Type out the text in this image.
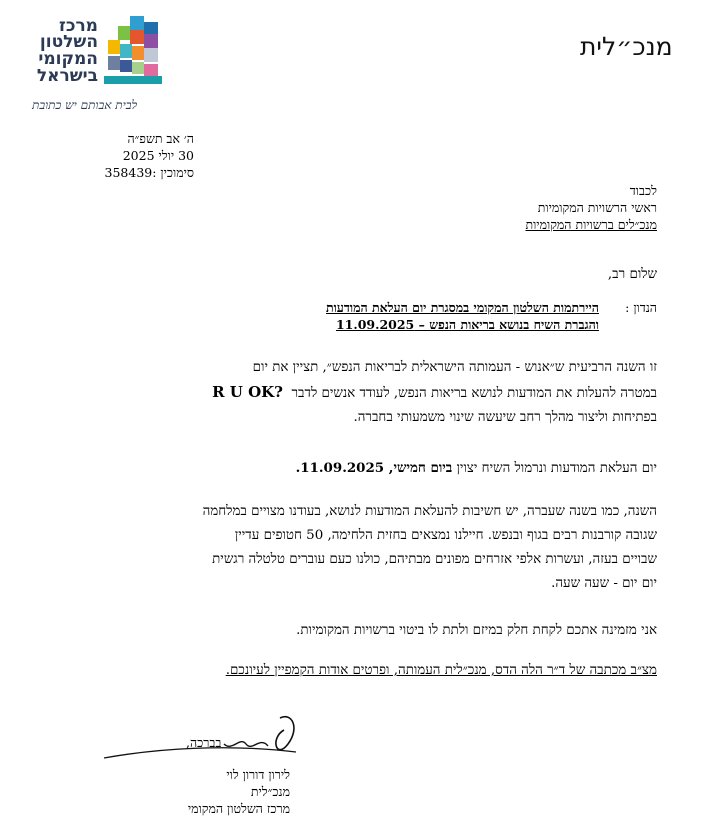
מרכז
השלטון
המקומי
בישראל
Federation Of Local Authorities In Israel
לבית אבותם יש כתובת
מנכ״לית
ה׳ אב תשפ״ה
30 יולי 2025
סימוכין :358439
לכבוד
ראשי הרשויות המקומיות
מנכ״לים ברשויות המקומיות
שלום רב,
הנדון :
היירתמות השלטון המקומי במסגרת יום העלאת המודעות
והגברת השיח בנושא בריאות הנפש – 11.09.2025
זו השנה הרביעית ש״אנוש - העמותה הישראלית לבריאות הנפש״, תציין את יום
במטרה להעלות את המודעות לנושא בריאות הנפש, לעודד אנשים לדבר  R U OK?
בפתיחות וליצור מהלך רחב שיעשה שינוי משמעותי בחברה.
יום העלאת המודעות ונרמול השיח יצוין ביום חמישי, 11.09.2025.
השנה, כמו בשנה שעברה, יש חשיבות להעלאת המודעות לנושא, בעודנו מצויים במלחמה
שגובה קורבנות רבים בגוף ובנפש. חיילנו נמצאים בחזית הלחימה, 50 חטופים עדיין
שבויים בעזה, ועשרות אלפי אזרחים מפונים מבתיהם, כולנו כעם עוברים טלטלה רגשית
יום יום - שעה שעה.
אני מזמינה אתכם לקחת חלק במיזם ולתת לו ביטוי ברשויות המקומיות.
מצ״ב מכתבה של ד״ר הלה הדס, מנכ״לית העמותה, ופרטים אודות הקמפיין לעיונכם.
בברכה,
לירון דורון לוי
מנכ״לית
מרכז השלטון המקומי
